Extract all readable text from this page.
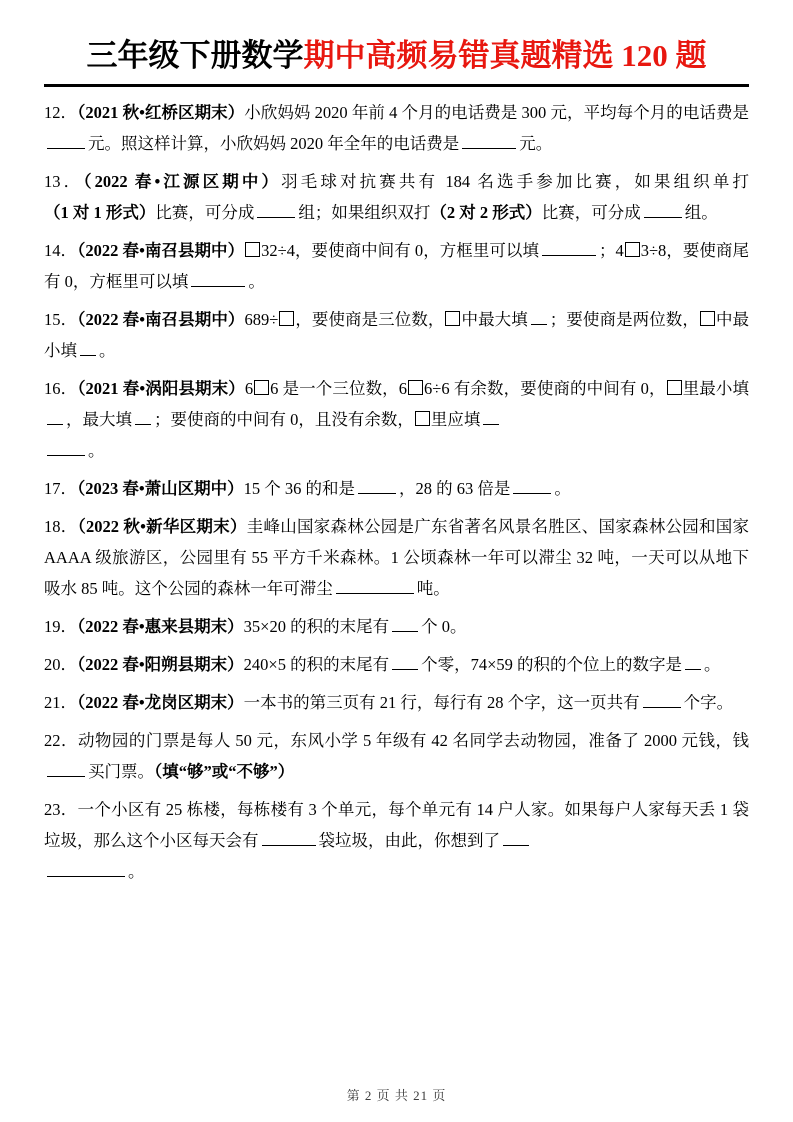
三年级下册数学期中高频易错真题精选 120 题

12．（2021 秋•红桥区期末）小欣妈妈 2020 年前 4 个月的电话费是 300 元，平均每个月的电话费是元。照这样计算，小欣妈妈 2020 年全年的电话费是	元。

13．（2022 春•江源区期中）羽毛球对抗赛共有 184 名选手参加比赛，如果组织单打（1 对 1 形式）比赛，可分成	组；如果组织双打（2 对 2 形式）比赛，可分成	组。

14．（2022 春•南召县期中） 32÷4，要使商中间有 0，方框里可以填	；4 3÷8，要使商尾有 0，方框里可以填	。

15．（2022 春•南召县期中）689÷ ，要使商是三位数， 中最大填 ；要使商是两位数， 中最小填 。

16．（2021 春•涡阳县期末）6 6 是一个三位数，6 6÷6 有余数，要使商的中间有 0， 里最小填，最大填 ；要使商的中间有 0，且没有余数， 里应填
。

17．（2023 春•萧山区期中）15 个 36 的和是	，28 的 63 倍是	。

18．（2022 秋•新华区期末）圭峰山国家森林公园是广东省著名风景名胜区、国家森林公园和国家 AAAA 级旅游区，公园里有 55 平方千米森林。1 公顷森林一年可以滞尘 32 吨，一天可以从地下吸水 85 吨。这个公园的森林一年可滞尘	吨。

19．（2022 春•惠来县期末）35×20 的积的末尾有 个 0。

20．（2022 春•阳朔县期末）240×5 的积的末尾有 个零，74×59 的积的个位上的数字是 。

21．（2022 春•龙岗区期末）一本书的第三页有 21 行，每行有 28 个字，这一页共有	个字。

22．动物园的门票是每人 50 元，东风小学 5 年级有 42 名同学去动物园，准备了 2000 元钱，钱买门票。（填“够”或“不够”）

23．一个小区有 25 栋楼，每栋楼有 3 个单元，每个单元有 14 户人家。如果每户人家每天丢 1 袋垃圾，那么这个小区每天会有	袋垃圾，由此，你想到了
。

第 2 页 共 21 页
